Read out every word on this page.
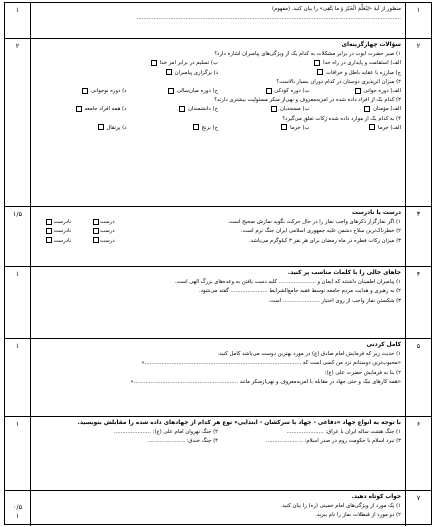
۱
منظور از آیهٔ «لِیُعَلِّمَ الْخَیْرَ وَ ما یَتَّقِی» را بیان کنید. (مفهوم)
.............................................................................................................................................................
۱
۲
سؤالات چهارگزینه‌ای
۱) صبر حضرت ایوب در برابر مشکلات به کدام یک از ویژگی‌های پیامبران اشاره دارد؟
الف) استقامت و پایداری در راه خدا
ب) تسلیم در برابر امر خدا
ج) مبارزه با عقاید باطل و خرافات
د) برگزاری پیامبران
۲) میزان اثرپذیری دوستان در کدام دوران بسیار بالاست؟
الف) دوره جوانی
ب) دوره کودکی
ج) دوره میان‌سالی
د) دوره نوجوانی
۳) کدام یک از افراد داده شده در امربه‌معروف و نهی‌از منکر مسئولیت بیشتری دارند؟
الف) مؤمنان
ب) مسجدیان
ج) دانشمندان
د) همه افراد جامعه
۴) به کدام یک از موارد داده شده زکات تعلق می‌گیرد؟
الف) خرما
ب) خرما
ج) برنج
د) پرتقال
۲
۳
درست یا نادرست
۱) اگر نمازگزار ذکرهای واجب نماز را در حال حرکت بگوید نمازش صحیح است.
درست
نادرست
۲) خطرناک‌ترین سلاح دشمن علیه جمهوری اسلامی ایران جنگ نرم است.
درست
نادرست
۳) میزان زکات فطره در ماه رمضان برای هر نفر ۳ کیلوگرم می‌باشد.
درست
نادرست
۱/۵
۴
جاهای خالی را با کلمات مناسب پر کنید.
۱) پیامبران اطمینان داشتند که ایمان و ...................... کلید دست یافتن به وعده‌های بزرگ الهی است.
۲) به رهبری و هدایت مردم جامعه توسط فقیه جامع‌الشرایط ...................... گفته می‌شود.
۳) شکستن نماز واجب از روی اختیار ...................... است.
۱
۵
کامل کردنی
۱) حدیث زیر که فرمایش امام صادق (ع) در مورد بهترین دوست می‌باشد کامل کنید.
«محبوب‌ترین دوستانم نزد من کسی است که .............................................................................................»
۲) بنا به فرمایش حضرت علی (ع):
«همه کارهای نیک و حتی جهاد در مقابله با امربه‌معروف و نهی‌ازمنکر مانند ..............................................................»
۱
۶
با توجه به انواع جهاد «دفاعی - جهاد با سرکشان - ابتدایی» نوع هر کدام از جهادهای داده شده را مقابلش بنویسید.
۱) جنگ هشت ساله ایران با عراق: ......................
۲) جنگ نهروان امام علی (ع): ......................
۳) نبرد اسلام با حکومت روم در صدر اسلام: ......................
۴) جنگ خندق: ......................
۱
۷
جواب کوتاه دهید.
۱) یک مورد از ویژگی‌های امام خمینی (ره) را بیان کنید.
۲) دو مورد از مُبطلات نماز را نام ببرید.
۰/۵
۱
